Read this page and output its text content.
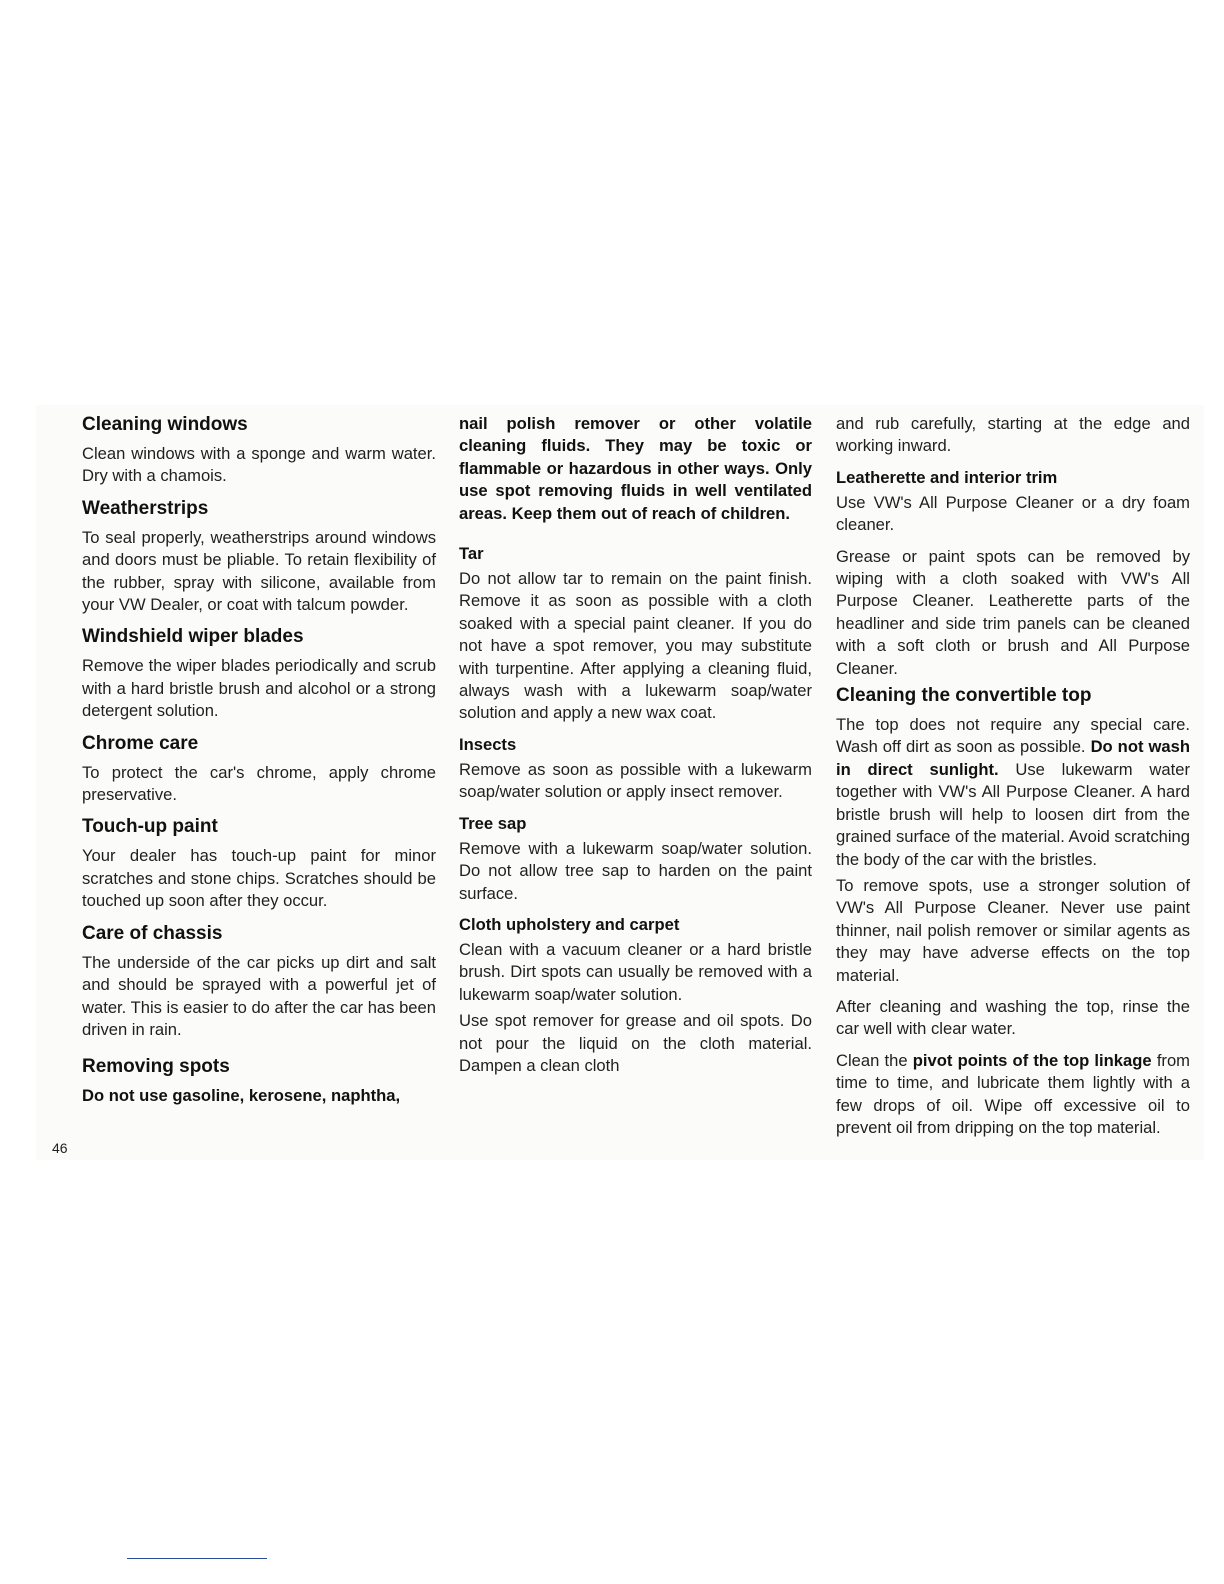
Cleaning windows

Clean windows with a sponge and warm water. Dry with a chamois.

Weatherstrips

To seal properly, weatherstrips around windows and doors must be pliable. To retain flexibility of the rubber, spray with silicone, available from your VW Dealer, or coat with talcum powder.

Windshield wiper blades

Remove the wiper blades periodically and scrub with a hard bristle brush and alcohol or a strong detergent solution.

Chrome care

To protect the car's chrome, apply chrome preservative.

Touch-up paint

Your dealer has touch-up paint for minor scratches and stone chips. Scratches should be touched up soon after they occur.

Care of chassis

The underside of the car picks up dirt and salt and should be sprayed with a powerful jet of water. This is easier to do after the car has been driven in rain.

Removing spots

Do not use gasoline, kerosene, naphtha,

46

nail polish remover or other volatile cleaning fluids. They may be toxic or flammable or hazardous in other ways. Only use spot removing fluids in well ventilated areas. Keep them out of reach of children.

Tar

Do not allow tar to remain on the paint finish. Remove it as soon as possible with a cloth soaked with a special paint cleaner. If you do not have a spot remover, you may substitute with turpentine. After applying a cleaning fluid, always wash with a lukewarm soap/water solution and apply a new wax coat.

Insects

Remove as soon as possible with a lukewarm soap/water solution or apply insect remover.

Tree sap

Remove with a lukewarm soap/water solution. Do not allow tree sap to harden on the paint surface.

Cloth upholstery and carpet

Clean with a vacuum cleaner or a hard bristle brush. Dirt spots can usually be removed with a lukewarm soap/water solution.

Use spot remover for grease and oil spots. Do not pour the liquid on the cloth material. Dampen a clean cloth

and rub carefully, starting at the edge and working inward.

Leatherette and interior trim

Use VW's All Purpose Cleaner or a dry foam cleaner.

Grease or paint spots can be removed by wiping with a cloth soaked with VW's All Purpose Cleaner. Leatherette parts of the headliner and side trim panels can be cleaned with a soft cloth or brush and All Purpose Cleaner.

Cleaning the convertible top

The top does not require any special care. Wash off dirt as soon as possible. Do not wash in direct sunlight. Use lukewarm water together with VW's All Purpose Cleaner. A hard bristle brush will help to loosen dirt from the grained surface of the material. Avoid scratching the body of the car with the bristles.

To remove spots, use a stronger solution of VW's All Purpose Cleaner. Never use paint thinner, nail polish remover or similar agents as they may have adverse effects on the top material.

After cleaning and washing the top, rinse the car well with clear water.

Clean the pivot points of the top linkage from time to time, and lubricate them lightly with a few drops of oil. Wipe off excessive oil to prevent oil from dripping on the top material.
